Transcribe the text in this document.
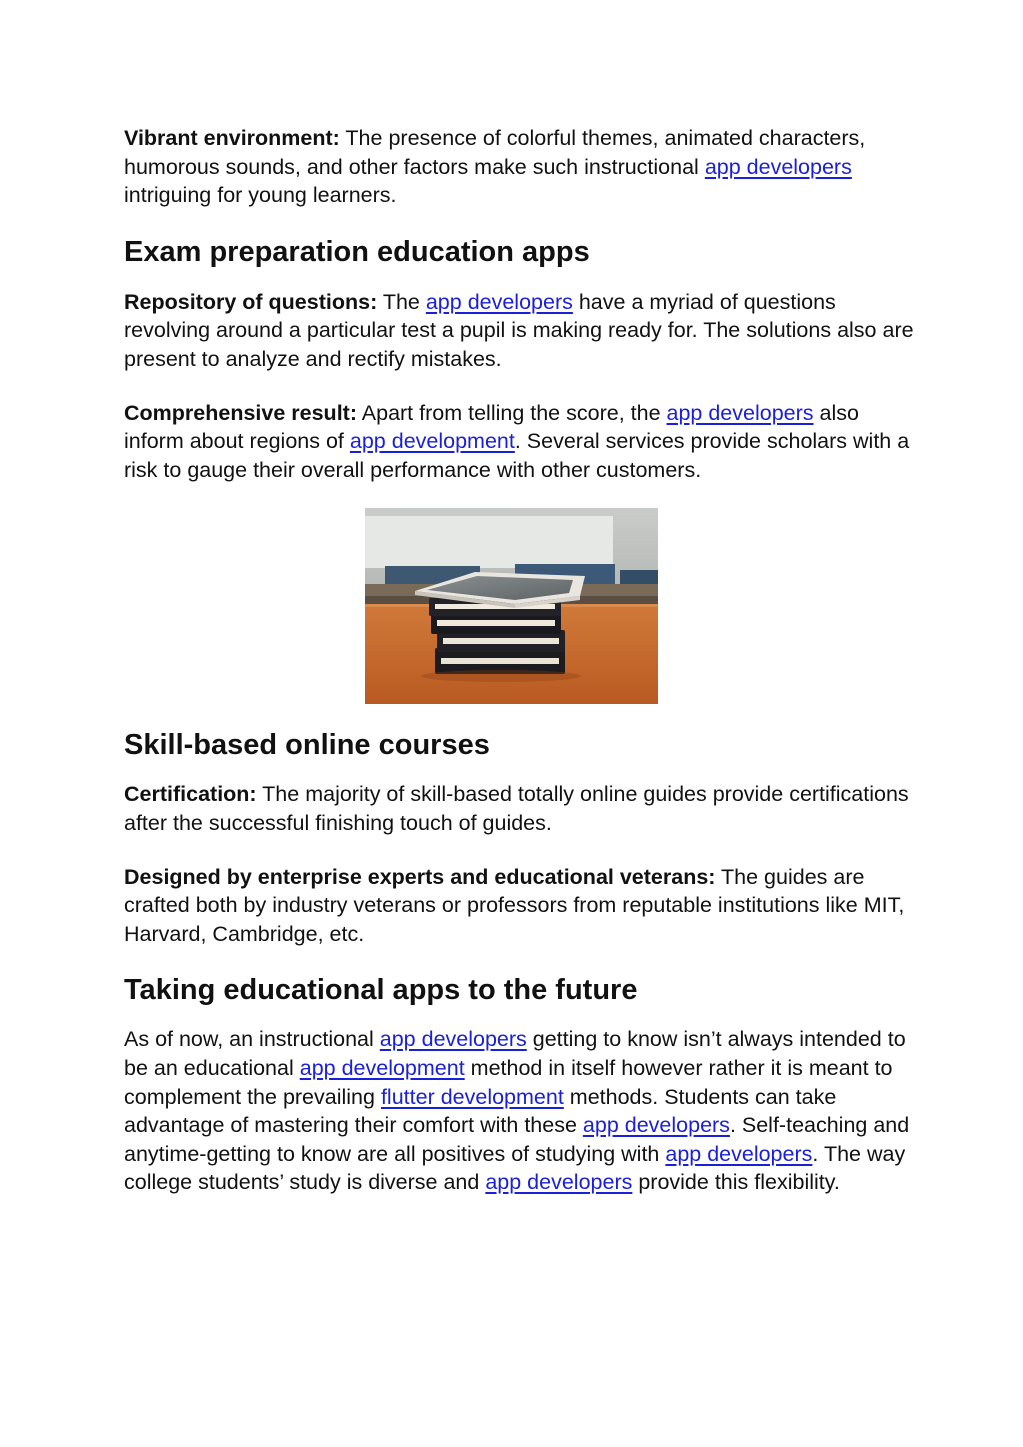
Vibrant environment: The presence of colorful themes, animated characters, humorous sounds, and other factors make such instructional app developers intriguing for young learners.

Exam preparation education apps

Repository of questions: The app developers have a myriad of questions revolving around a particular test a pupil is making ready for. The solutions also are present to analyze and rectify mistakes.

Comprehensive result: Apart from telling the score, the app developers also inform about regions of app development. Several services provide scholars with a risk to gauge their overall performance with other customers.

Skill-based online courses

Certification: The majority of skill-based totally online guides provide certifications after the successful finishing touch of guides.

Designed by enterprise experts and educational veterans: The guides are crafted both by industry veterans or professors from reputable institutions like MIT, Harvard, Cambridge, etc.

Taking educational apps to the future

As of now, an instructional app developers getting to know isn’t always intended to be an educational app development method in itself however rather it is meant to complement the prevailing flutter development methods. Students can take advantage of mastering their comfort with these app developers. Self-teaching and anytime-getting to know are all positives of studying with app developers. The way college students’ study is diverse and app developers provide this flexibility.
